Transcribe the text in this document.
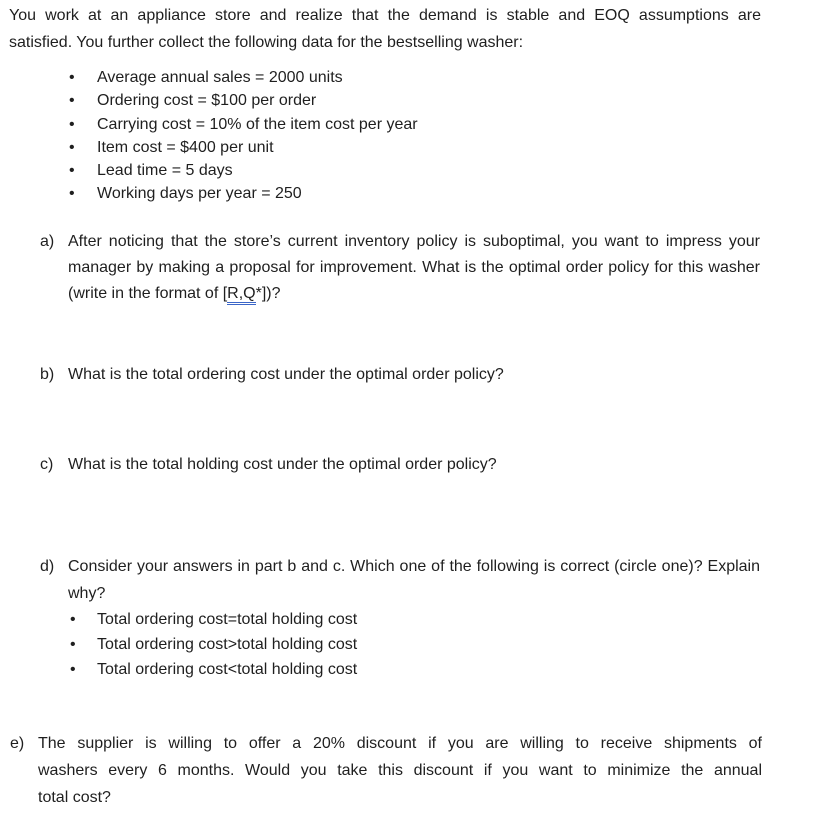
You work at an appliance store and realize that the demand is stable and EOQ assumptions are
satisfied. You further collect the following data for the bestselling washer:
• Average annual sales = 2000 units
• Ordering cost = $100 per order
• Carrying cost = 10% of the item cost per year
• Item cost = $400 per unit
• Lead time = 5 days
• Working days per year = 250
a) After noticing that the store’s current inventory policy is suboptimal, you want to impress your
manager by making a proposal for improvement. What is the optimal order policy for this washer
(write in the format of [R,Q*])?
b) What is the total ordering cost under the optimal order policy?
c) What is the total holding cost under the optimal order policy?
d) Consider your answers in part b and c. Which one of the following is correct (circle one)? Explain
why?
• Total ordering cost=total holding cost
• Total ordering cost>total holding cost
• Total ordering cost<total holding cost
e) The supplier is willing to offer a 20% discount if you are willing to receive shipments of
washers every 6 months. Would you take this discount if you want to minimize the annual
total cost?
